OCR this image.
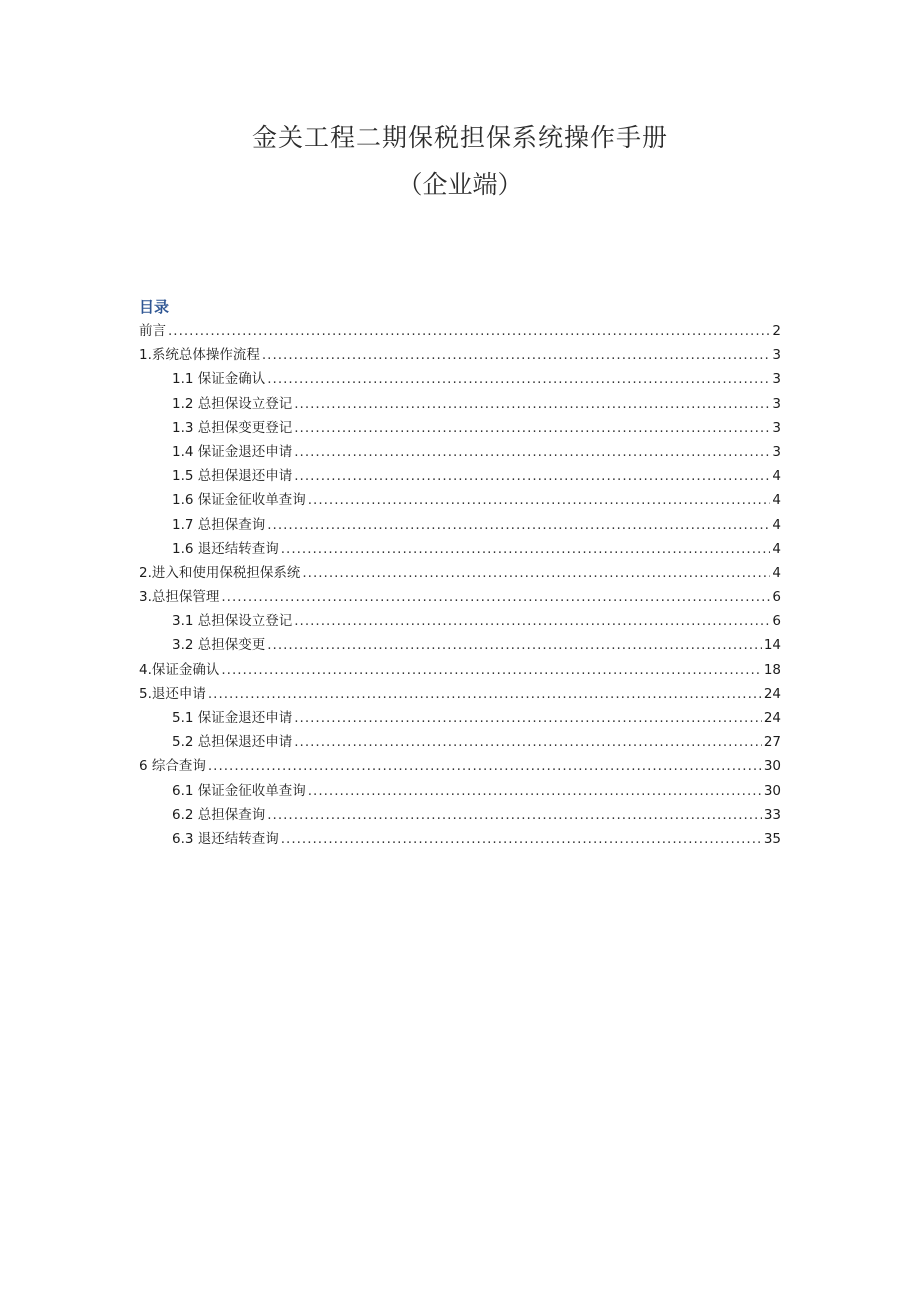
金关工程二期保税担保系统操作手册

（企业端）

目录
前言 .....	2
1.系统总体操作流程 .....	3
1.1 保证金确认 .....	3
1.2 总担保设立登记 .....	3
1.3 总担保变更登记 .....	3
1.4 保证金退还申请 .....	3
1.5 总担保退还申请 .....	4
1.6 保证金征收单查询 .....	4
1.7 总担保查询 .....	4
1.6 退还结转查询 .....	4
2.进入和使用保税担保系统 .....	4
3.总担保管理 .....	6
3.1 总担保设立登记 .....	6
3.2 总担保变更 .....	14
4.保证金确认 .....	18
5.退还申请 .....	24
5.1 保证金退还申请 .....	24
5.2 总担保退还申请 .....	27
6 综合查询 .....	30
6.1 保证金征收单查询 .....	30
6.2 总担保查询 .....	33
6.3 退还结转查询 .....	35
